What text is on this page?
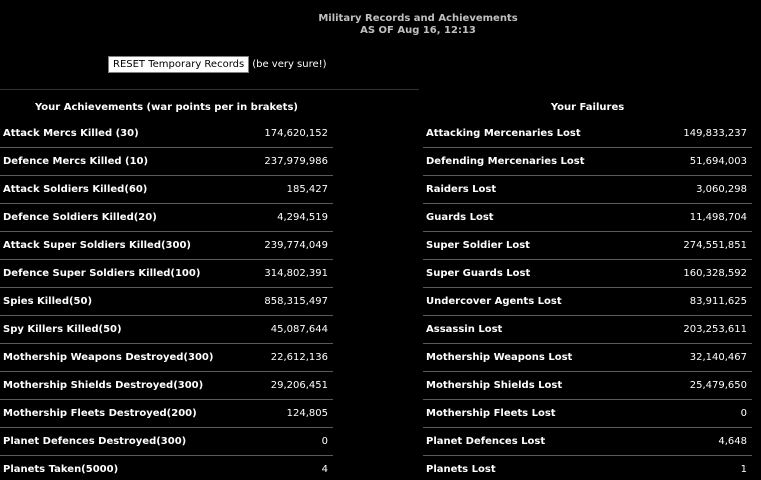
Military Records and Achievements
AS OF Aug 16, 12:13
RESET Temporary Records (be very sure!)
Your Achievements (war points per in brakets)
Attack Mercs Killed (30)	174,620,152
Defence Mercs Killed (10)	237,979,986
Attack Soldiers Killed(60)	185,427
Defence Soldiers Killed(20)	4,294,519
Attack Super Soldiers Killed(300)	239,774,049
Defence Super Soldiers Killed(100)	314,802,391
Spies Killed(50)	858,315,497
Spy Killers Killed(50)	45,087,644
Mothership Weapons Destroyed(300)	22,612,136
Mothership Shields Destroyed(300)	29,206,451
Mothership Fleets Destroyed(200)	124,805
Planet Defences Destroyed(300)	0
Planets Taken(5000)	4
Your Failures
Attacking Mercenaries Lost	149,833,237
Defending Mercenaries Lost	51,694,003
Raiders Lost	3,060,298
Guards Lost	11,498,704
Super Soldier Lost	274,551,851
Super Guards Lost	160,328,592
Undercover Agents Lost	83,911,625
Assassin Lost	203,253,611
Mothership Weapons Lost	32,140,467
Mothership Shields Lost	25,479,650
Mothership Fleets Lost	0
Planet Defences Lost	4,648
Planets Lost	1
